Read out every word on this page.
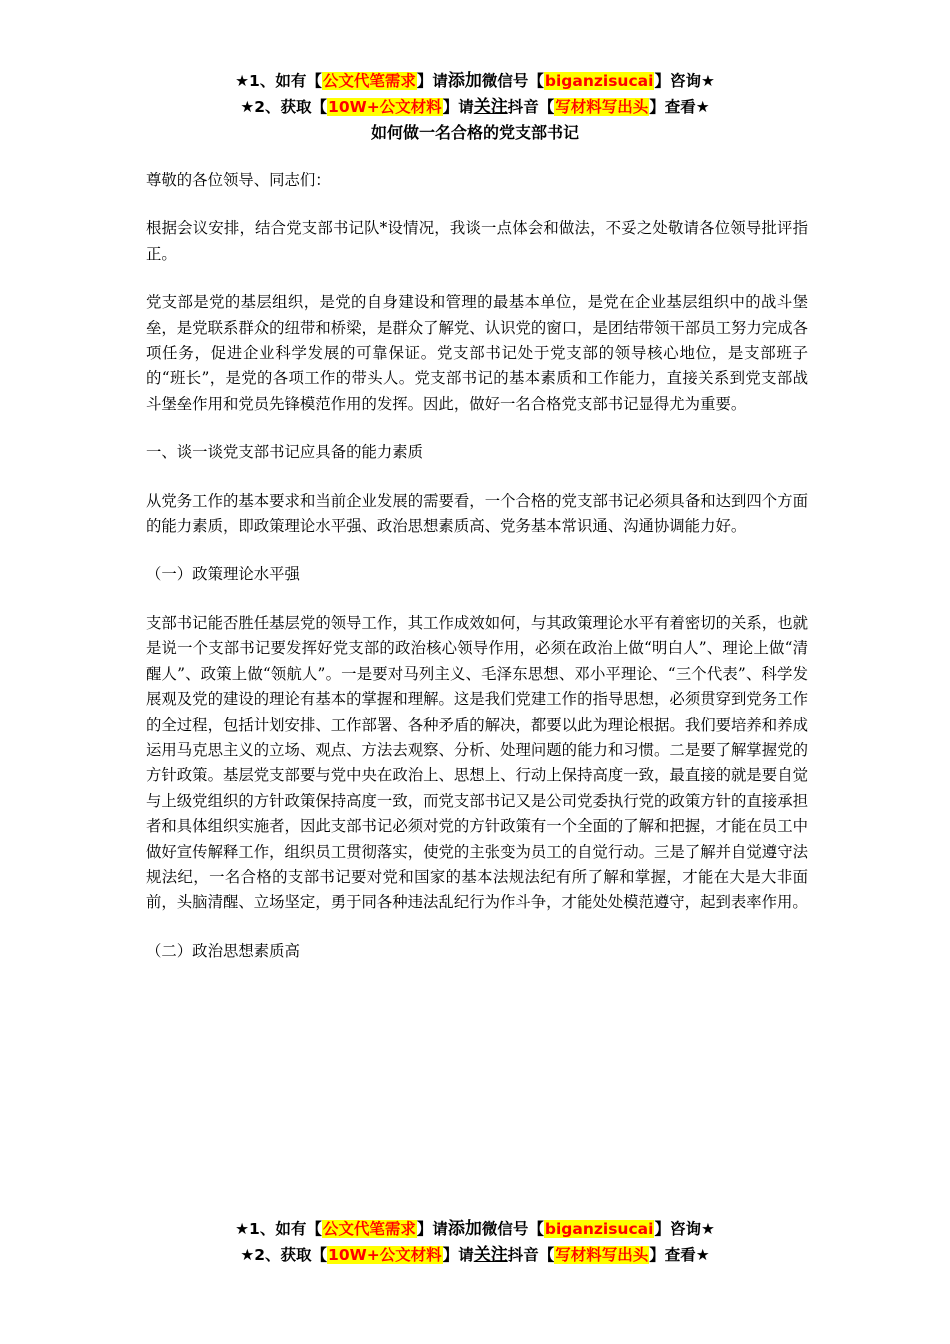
★1、如有【公文代笔需求】请添加微信号【biganzisucai】咨询★
★2、获取【10W+公文材料】请关注抖音【写材料写出头】查看★
如何做一名合格的党支部书记

尊敬的各位领导、同志们：

根据会议安排，结合党支部书记队*设情况，我谈一点体会和做法，不妥之处敬请各位领导批评指正。

党支部是党的基层组织，是党的自身建设和管理的最基本单位，是党在企业基层组织中的战斗堡垒，是党联系群众的纽带和桥梁，是群众了解党、认识党的窗口，是团结带领干部员工努力完成各项任务，促进企业科学发展的可靠保证。党支部书记处于党支部的领导核心地位，是支部班子的“班长”，是党的各项工作的带头人。党支部书记的基本素质和工作能力，直接关系到党支部战斗堡垒作用和党员先锋模范作用的发挥。因此，做好一名合格党支部书记显得尤为重要。

一、谈一谈党支部书记应具备的能力素质

从党务工作的基本要求和当前企业发展的需要看，一个合格的党支部书记必须具备和达到四个方面的能力素质，即政策理论水平强、政治思想素质高、党务基本常识通、沟通协调能力好。

（一）政策理论水平强

支部书记能否胜任基层党的领导工作，其工作成效如何，与其政策理论水平有着密切的关系，也就是说一个支部书记要发挥好党支部的政治核心领导作用，必须在政治上做“明白人”、理论上做“清醒人”、政策上做“领航人”。一是要对马列主义、毛泽东思想、邓小平理论、“三个代表”、科学发展观及党的建设的理论有基本的掌握和理解。这是我们党建工作的指导思想，必须贯穿到党务工作的全过程，包括计划安排、工作部署、各种矛盾的解决，都要以此为理论根据。我们要培养和养成运用马克思主义的立场、观点、方法去观察、分析、处理问题的能力和习惯。二是要了解掌握党的方针政策。基层党支部要与党中央在政治上、思想上、行动上保持高度一致，最直接的就是要自觉与上级党组织的方针政策保持高度一致，而党支部书记又是公司党委执行党的政策方针的直接承担者和具体组织实施者，因此支部书记必须对党的方针政策有一个全面的了解和把握，才能在员工中做好宣传解释工作，组织员工贯彻落实，使党的主张变为员工的自觉行动。三是了解并自觉遵守法规法纪，一名合格的支部书记要对党和国家的基本法规法纪有所了解和掌握，才能在大是大非面前，头脑清醒、立场坚定，勇于同各种违法乱纪行为作斗争，才能处处模范遵守，起到表率作用。

（二）政治思想素质高

★1、如有【公文代笔需求】请添加微信号【biganzisucai】咨询★
★2、获取【10W+公文材料】请关注抖音【写材料写出头】查看★
